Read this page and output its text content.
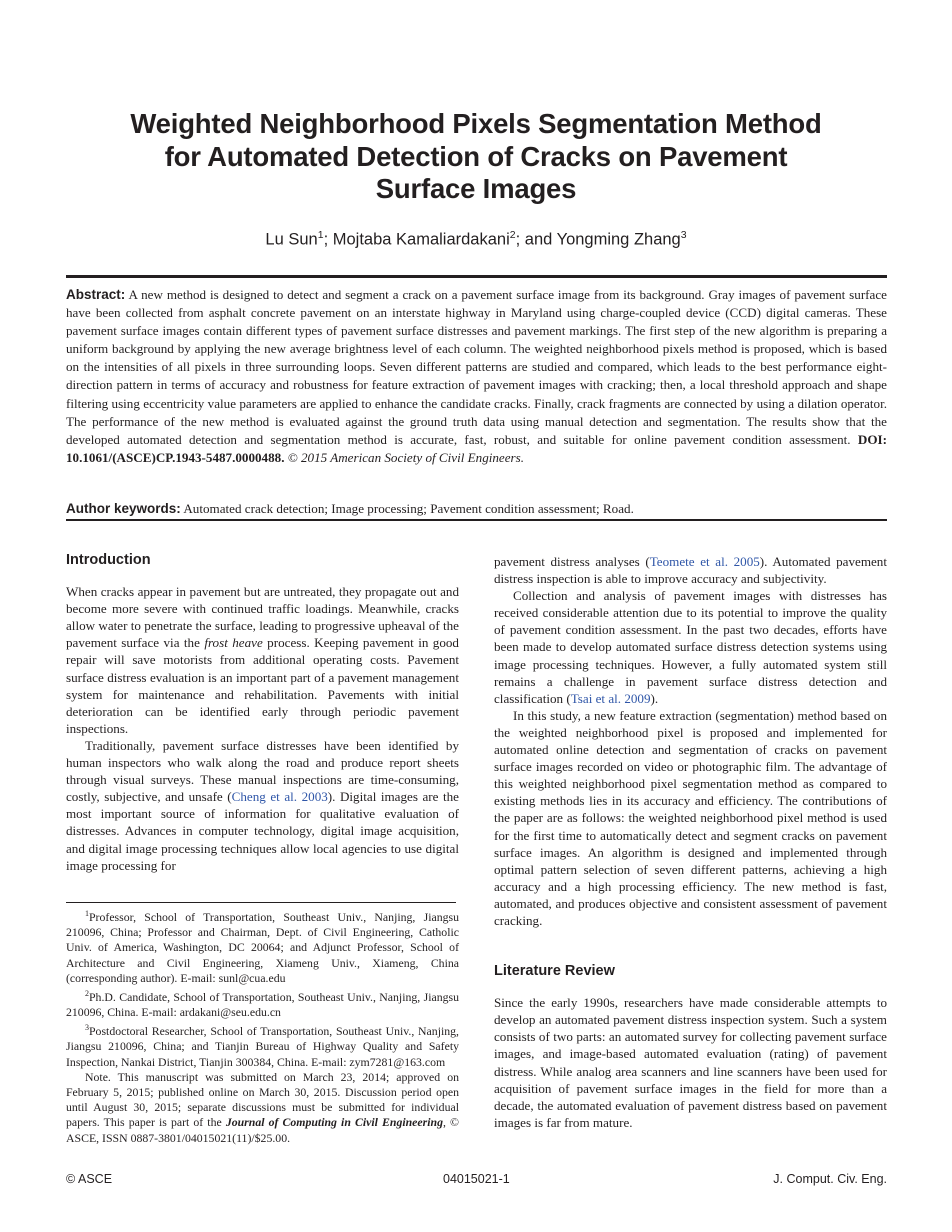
Weighted Neighborhood Pixels Segmentation Method
for Automated Detection of Cracks on Pavement
Surface Images
Lu Sun$^1$; Mojtaba Kamaliardakani$^2$; and Yongming Zhang$^3$
Abstract: A new method is designed to detect and segment a crack on a pavement surface image from its background. Gray images of pavement surface have been collected from asphalt concrete pavement on an interstate highway in Maryland using charge-coupled device (CCD) digital cameras. These pavement surface images contain different types of pavement surface distresses and pavement markings. The first step of the new algorithm is preparing a uniform background by applying the new average brightness level of each column. The weighted neighborhood pixels method is proposed, which is based on the intensities of all pixels in three surrounding loops. Seven different patterns are studied and compared, which leads to the best performance eight-direction pattern in terms of accuracy and robustness for feature extraction of pavement images with cracking; then, a local threshold approach and shape filtering using eccentricity value parameters are applied to enhance the candidate cracks. Finally, crack fragments are connected by using a dilation operator. The performance of the new method is evaluated against the ground truth data using manual detection and segmentation. The results show that the developed automated detection and segmentation method is accurate, fast, robust, and suitable for online pavement condition assessment. DOI: 10.1061/(ASCE)CP.1943-5487.0000488. © 2015 American Society of Civil Engineers.
Author keywords: Automated crack detection; Image processing; Pavement condition assessment; Road.
Introduction

When cracks appear in pavement but are untreated, they propagate out and become more severe with continued traffic loadings. Meanwhile, cracks allow water to penetrate the surface, leading to progressive upheaval of the pavement surface via the frost heave process. Keeping pavement in good repair will save motorists from additional operating costs. Pavement surface distress evaluation is an important part of a pavement management system for maintenance and rehabilitation. Pavements with initial deterioration can be identified early through periodic pavement inspections.

Traditionally, pavement surface distresses have been identified by human inspectors who walk along the road and produce report sheets through visual surveys. These manual inspections are time-consuming, costly, subjective, and unsafe (Cheng et al. 2003). Digital images are the most important source of information for qualitative evaluation of distresses. Advances in computer technology, digital image acquisition, and digital image processing techniques allow local agencies to use digital image processing for

$^1$Professor, School of Transportation, Southeast Univ., Nanjing, Jiangsu 210096, China; Professor and Chairman, Dept. of Civil Engineering, Catholic Univ. of America, Washington, DC 20064; and Adjunct Professor, School of Architecture and Civil Engineering, Xiameng Univ., Xiameng, China (corresponding author). E-mail: sunl@cua.edu

$^2$Ph.D. Candidate, School of Transportation, Southeast Univ., Nanjing, Jiangsu 210096, China. E-mail: ardakani@seu.edu.cn

$^3$Postdoctoral Researcher, School of Transportation, Southeast Univ., Nanjing, Jiangsu 210096, China; and Tianjin Bureau of Highway Quality and Safety Inspection, Nankai District, Tianjin 300384, China. E-mail: zym7281@163.com

Note. This manuscript was submitted on March 23, 2014; approved on February 5, 2015; published online on March 30, 2015. Discussion period open until August 30, 2015; separate discussions must be submitted for individual papers. This paper is part of the Journal of Computing in Civil Engineering, © ASCE, ISSN 0887-3801/04015021(11)/$25.00.

pavement distress analyses (Teomete et al. 2005). Automated pavement distress inspection is able to improve accuracy and subjectivity.

Collection and analysis of pavement images with distresses has received considerable attention due to its potential to improve the quality of pavement condition assessment. In the past two decades, efforts have been made to develop automated surface distress detection systems using image processing techniques. However, a fully automated system still remains a challenge in pavement surface distress detection and classification (Tsai et al. 2009).

In this study, a new feature extraction (segmentation) method based on the weighted neighborhood pixel is proposed and implemented for automated online detection and segmentation of cracks on pavement surface images recorded on video or photographic film. The advantage of this weighted neighborhood pixel segmentation method as compared to existing methods lies in its accuracy and efficiency. The contributions of the paper are as follows: the weighted neighborhood pixel method is used for the first time to automatically detect and segment cracks on pavement surface images. An algorithm is designed and implemented through optimal pattern selection of seven different patterns, achieving a high accuracy and a high processing efficiency. The new method is fast, automated, and produces objective and consistent assessment of pavement cracking.

Literature Review

Since the early 1990s, researchers have made considerable attempts to develop an automated pavement distress inspection system. Such a system consists of two parts: an automated survey for collecting pavement surface images, and image-based automated evaluation (rating) of pavement distress. While analog area scanners and line scanners have been used for acquisition of pavement surface images in the field for more than a decade, the automated evaluation of pavement distress based on pavement images is far from mature.

© ASCE	04015021-1	J. Comput. Civ. Eng.
